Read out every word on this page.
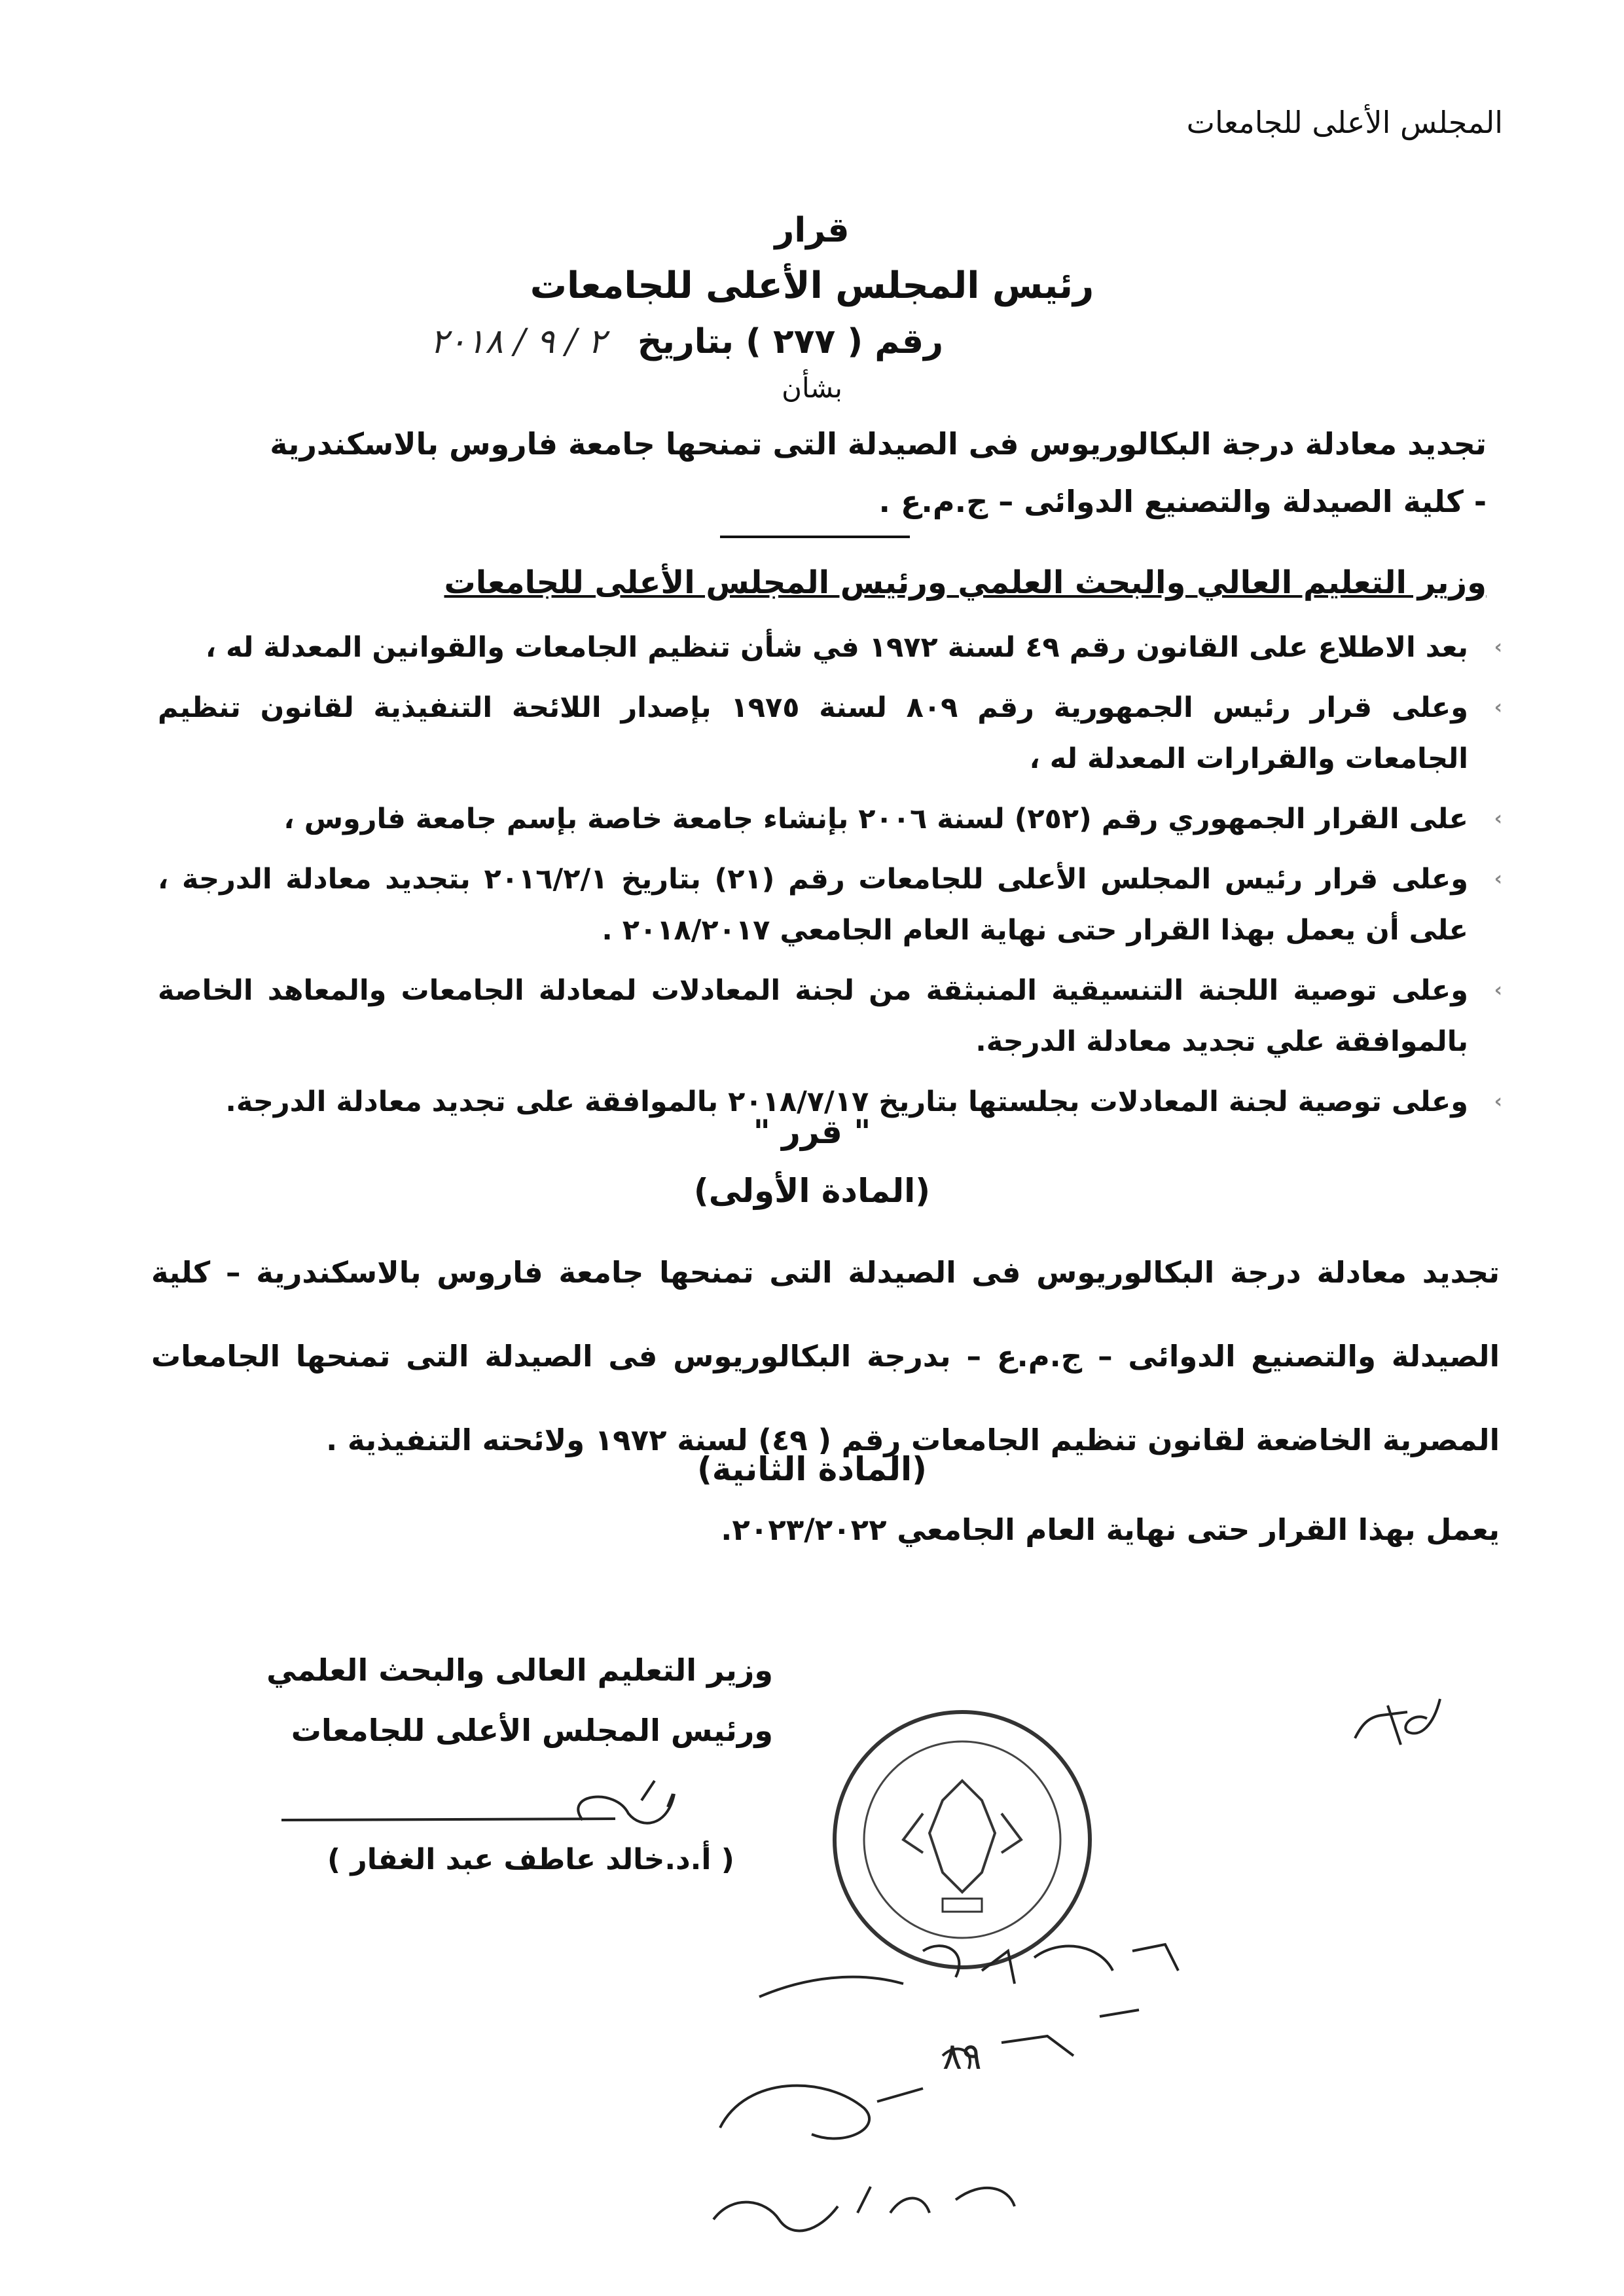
المجلس الأعلى للجامعات
قرار
رئيس المجلس الأعلى للجامعات
رقم ( ٢٧٧ ) بتاريخ ٢ / ٩ / ٢٠١٨
بشأن
تجديد معادلة درجة البكالوريوس فى الصيدلة التى تمنحها جامعة فاروس بالاسكندرية
- كلية الصيدلة والتصنيع الدوائى – ج.م.ع .
وزير التعليم العالي والبحث العلمي ورئيس المجلس الأعلى للجامعات
›
بعد الاطلاع على القانون رقم ٤٩ لسنة ١٩٧٢ في شأن تنظيم الجامعات والقوانين المعدلة له ،
›
وعلى قرار رئيس الجمهورية رقم ٨٠٩ لسنة ١٩٧٥ بإصدار اللائحة التنفيذية لقانون تنظيم الجامعات والقرارات المعدلة له ،
›
على القرار الجمهوري رقم (٢٥٢) لسنة ٢٠٠٦ بإنشاء جامعة خاصة بإسم جامعة فاروس ،
›
وعلى قرار رئيس المجلس الأعلى للجامعات رقم (٢١) بتاريخ ٢٠١٦/٢/١ بتجديد معادلة الدرجة ، على أن يعمل بهذا القرار حتى نهاية العام الجامعي ٢٠١٨/٢٠١٧ .
›
وعلى توصية اللجنة التنسيقية المنبثقة من لجنة المعادلات لمعادلة الجامعات والمعاهد الخاصة بالموافقة علي تجديد معادلة الدرجة.
›
وعلى توصية لجنة المعادلات بجلستها بتاريخ ٢٠١٨/٧/١٧ بالموافقة على تجديد معادلة الدرجة.
" قرر "
(المادة الأولى)
تجديد معادلة درجة البكالوريوس فى الصيدلة التى تمنحها جامعة فاروس بالاسكندرية – كلية الصيدلة والتصنيع الدوائى – ج.م.ع – بدرجة البكالوريوس فى الصيدلة التى تمنحها الجامعات المصرية الخاضعة لقانون تنظيم الجامعات رقم ( ٤٩) لسنة ١٩٧٢ ولائحته التنفيذية .
(المادة الثانية)
يعمل بهذا القرار حتى نهاية العام الجامعي ٢٠٢٣/٢٠٢٢.
وزير التعليم العالى والبحث العلمي
ورئيس المجلس الأعلى للجامعات
( أ.د.خالد عاطف عبد الغفار )
٨٩
